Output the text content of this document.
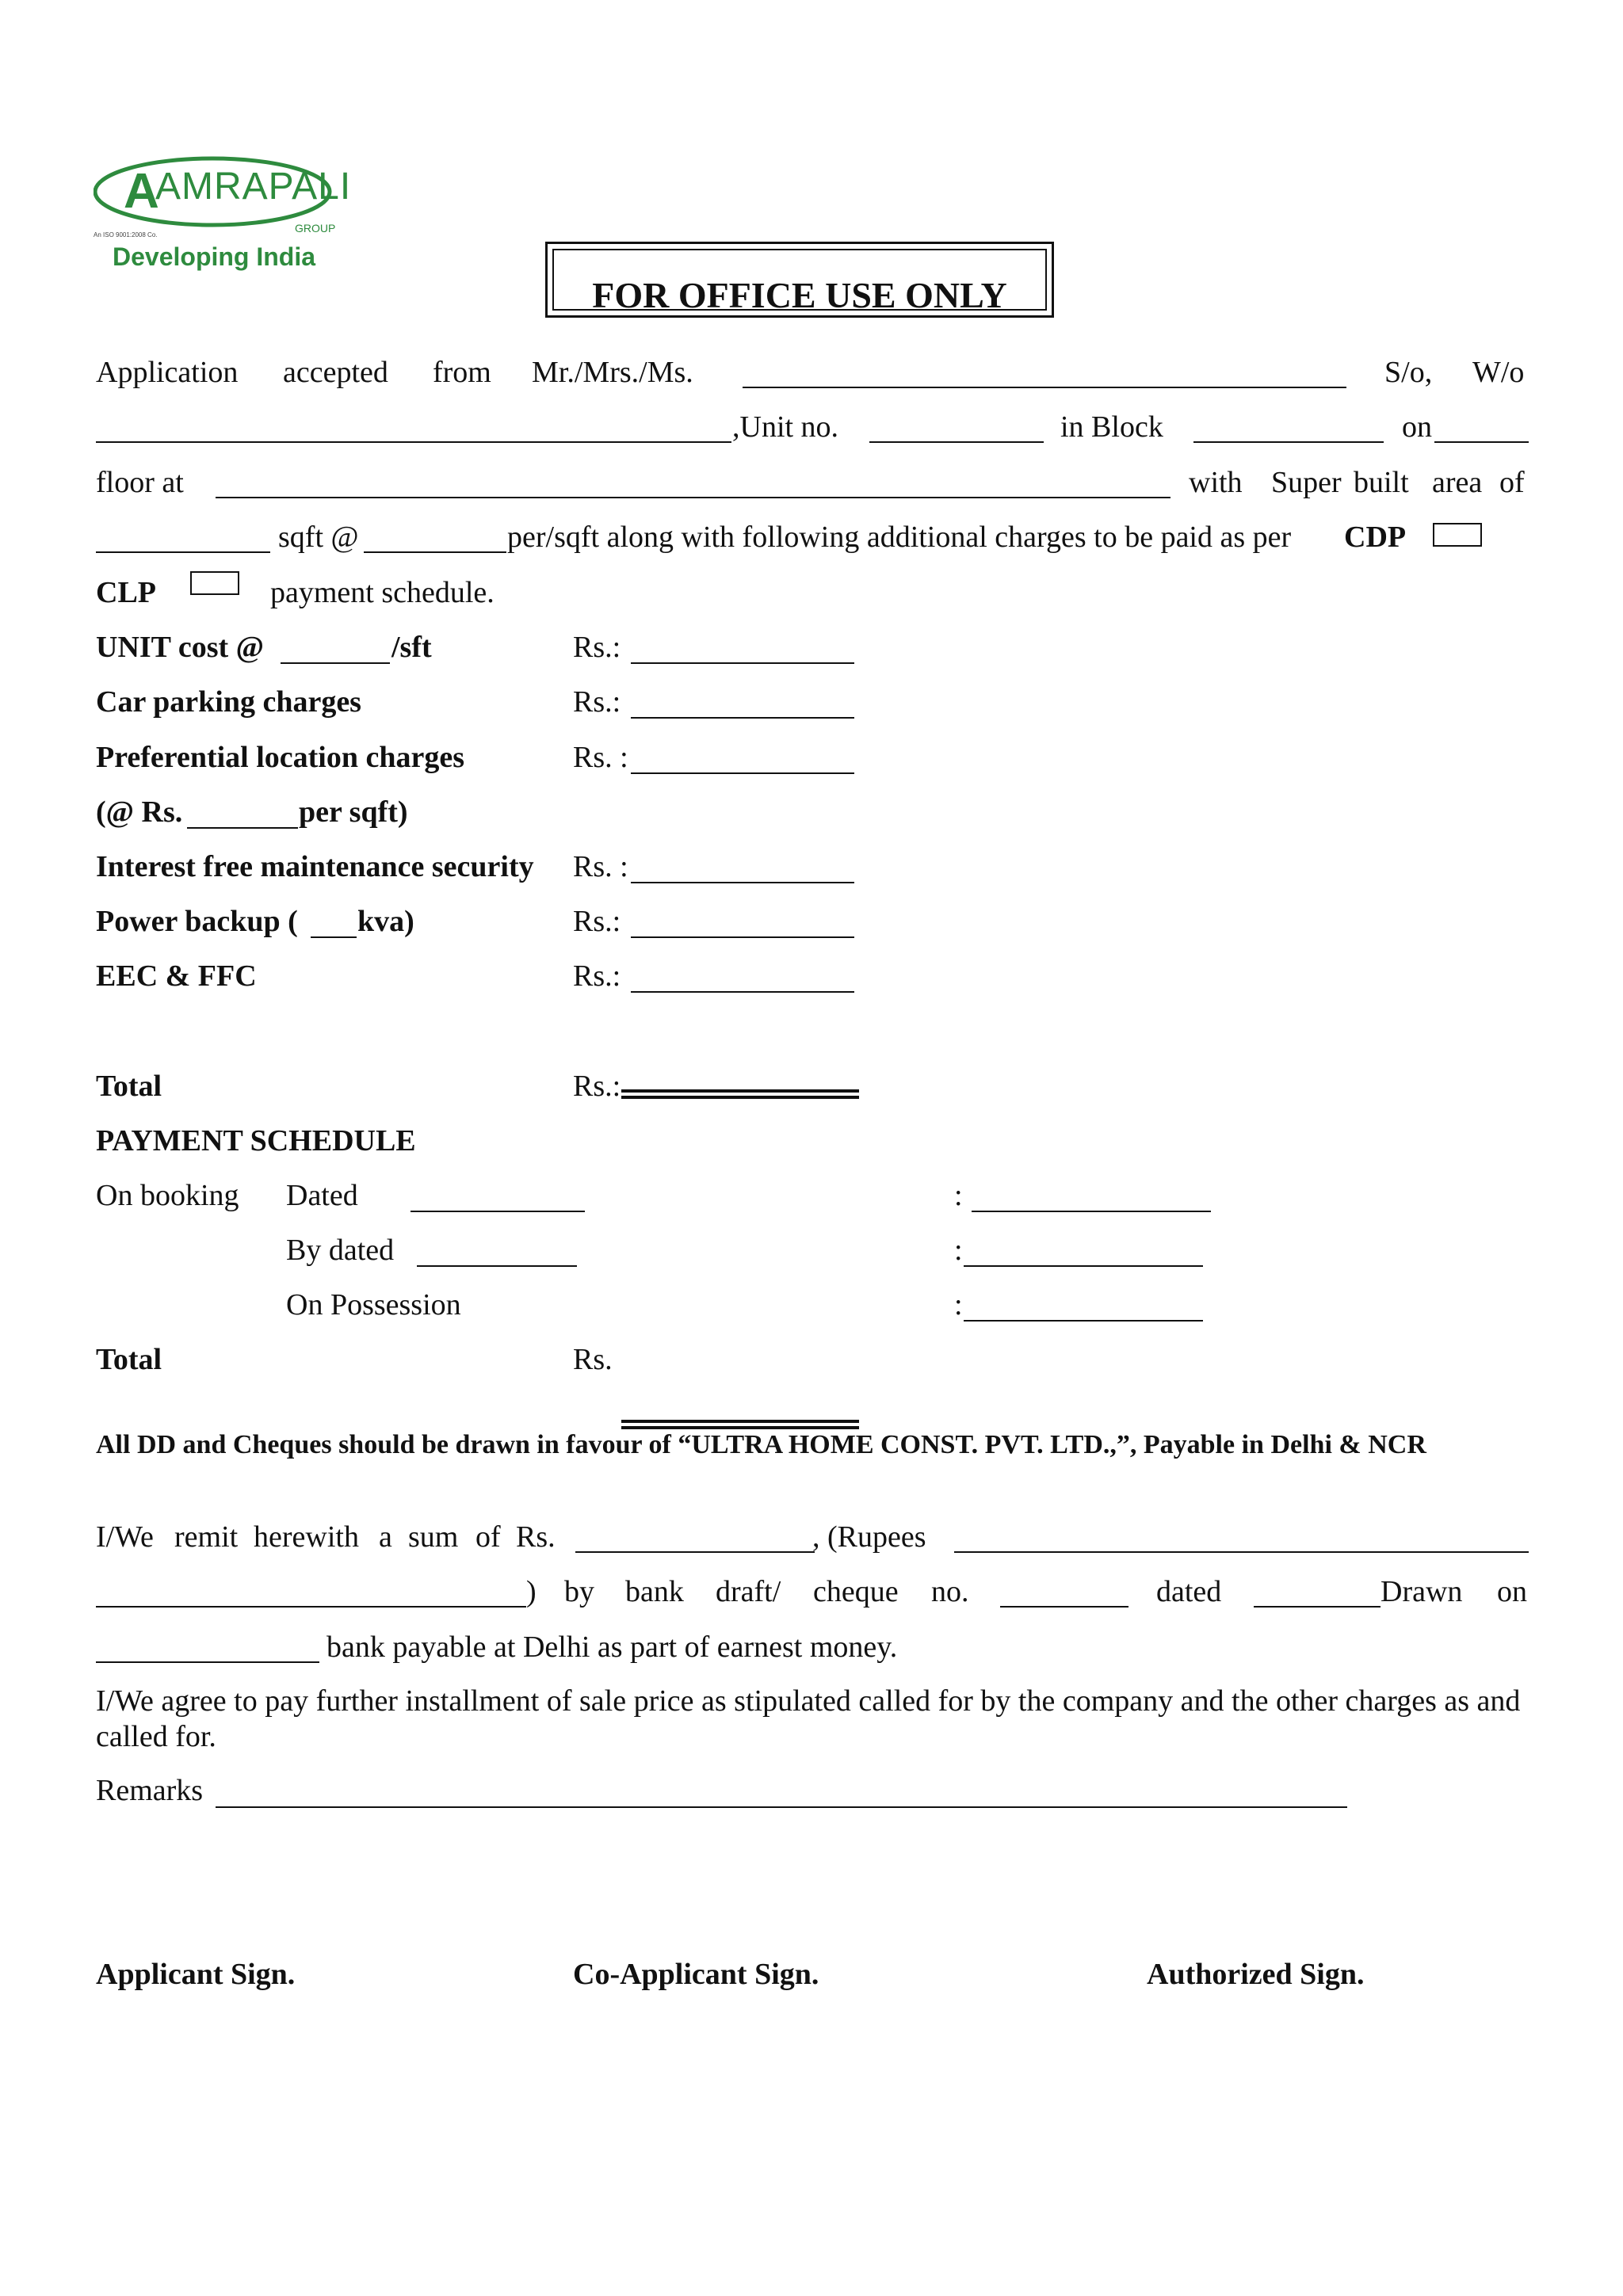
A
AMRAPALI
GROUP
An ISO 9001:2008 Co.
Developing India
FOR OFFICE USE ONLY
Application accepted from Mr./Mrs./Ms.	S/o, W/o
,Unit no.	in Block	on
floor at	with Super built area of
sqft @	per/sqft along with following additional charges to be paid as per CDP
CLP	payment schedule.
UNIT cost @	/sft	Rs.:
Car parking charges	Rs.:
Preferential location charges	Rs. :
(@ Rs.	per sqft)
Interest free maintenance security Rs. :
Power backup ( kva)	Rs.:
EEC & FFC	Rs.:
Total	Rs.:
PAYMENT SCHEDULE
On booking Dated	:
By dated	:
On Possession	:
Total	Rs.
All DD and Cheques should be drawn in favour of “ULTRA HOME CONST. PVT. LTD.,”, Payable in Delhi & NCR
I/We remit herewith a sum of Rs.	, (Rupees
) by bank draft/ cheque no.	dated	Drawn on
bank payable at Delhi as part of earnest money.
I/We agree to pay further installment of sale price as stipulated called for by the company and the other charges as and called for.
Remarks
Applicant Sign.	Co-Applicant Sign.	Authorized Sign.
